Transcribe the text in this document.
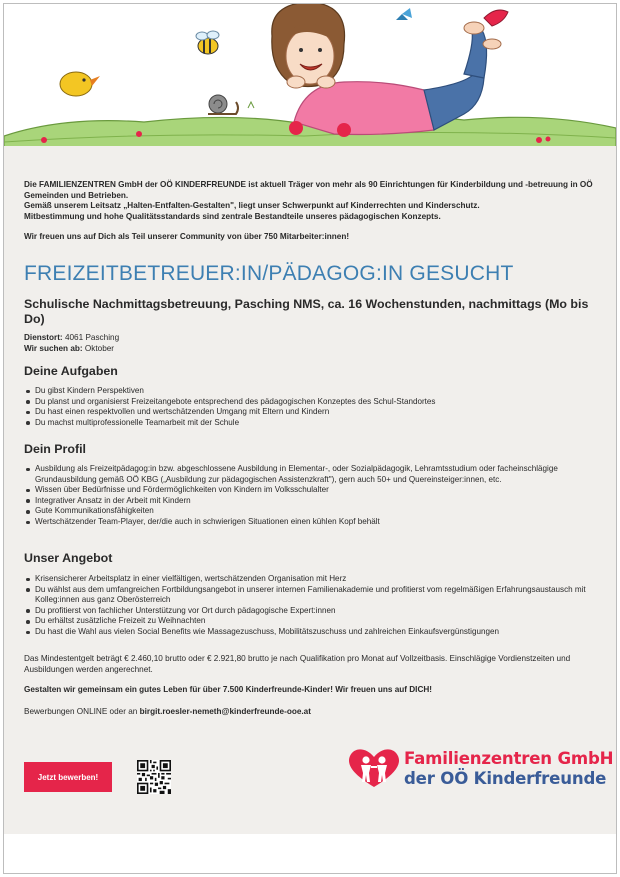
Die FAMILIENZENTREN GmbH der OÖ KINDERFREUNDE ist aktuell Träger von mehr als 90 Einrichtungen für Kinderbildung und -betreuung in OÖ Gemeinden und Betrieben.

Gemäß unserem Leitsatz „Halten-Entfalten-Gestalten", liegt unser Schwerpunkt auf Kinderrechten und Kinderschutz.

Mitbestimmung und hohe Qualitätsstandards sind zentrale Bestandteile unseres pädagogischen Konzepts.

Wir freuen uns auf Dich als Teil unserer Community von über 750 Mitarbeiter:innen!

FREIZEITBETREUER:IN/PÄDAGOG:IN GESUCHT
Schulische Nachmittagsbetreuung, Pasching NMS, ca. 16 Wochenstunden, nachmittags (Mo bis Do)
Dienstort: 4061 Pasching
Wir suchen ab: Oktober
Deine Aufgaben
Du gibst Kindern Perspektiven
Du planst und organisierst Freizeitangebote entsprechend des pädagogischen Konzeptes des Schul-Standortes
Du hast einen respektvollen und wertschätzenden Umgang mit Eltern und Kindern
Du machst multiprofessionelle Teamarbeit mit der Schule
Dein Profil
Ausbildung als Freizeitpädagog:in bzw. abgeschlossene Ausbildung in Elementar-, oder Sozialpädagogik, Lehramtsstudium oder facheinschlägige Grundausbildung gemäß OÖ KBG („Ausbildung zur pädagogischen Assistenzkraft"), gern auch 50+ und Quereinsteiger:innen, etc.
Wissen über Bedürfnisse und Fördermöglichkeiten von Kindern im Volksschulalter
Integrativer Ansatz in der Arbeit mit Kindern
Gute Kommunikationsfähigkeiten
Wertschätzender Team-Player, der/die auch in schwierigen Situationen einen kühlen Kopf behält
Unser Angebot
Krisensicherer Arbeitsplatz in einer vielfältigen, wertschätzenden Organisation mit Herz
Du wählst aus dem umfangreichen Fortbildungsangebot in unserer internen Familienakademie und profitierst vom regelmäßigen Erfahrungsaustausch mit Kolleg:innen aus ganz Oberösterreich
Du profitierst von fachlicher Unterstützung vor Ort durch pädagogische Expert:innen
Du erhältst zusätzliche Freizeit zu Weihnachten
Du hast die Wahl aus vielen Social Benefits wie Massagezuschuss, Mobilitätszuschuss und zahlreichen Einkaufsvergünstigungen
Das Mindestentgelt beträgt € 2.460,10 brutto oder € 2.921,80 brutto je nach Qualifikation pro Monat auf Vollzeitbasis. Einschlägige Vordienstzeiten und Ausbildungen werden angerechnet.
Gestalten wir gemeinsam ein gutes Leben für über 7.500 Kinderfreunde-Kinder! Wir freuen uns auf DICH!
Bewerbungen ONLINE oder an birgit.roesler-nemeth@kinderfreunde-ooe.at
Jetzt bewerben!
Familienzentren GmbH
der OÖ Kinderfreunde
